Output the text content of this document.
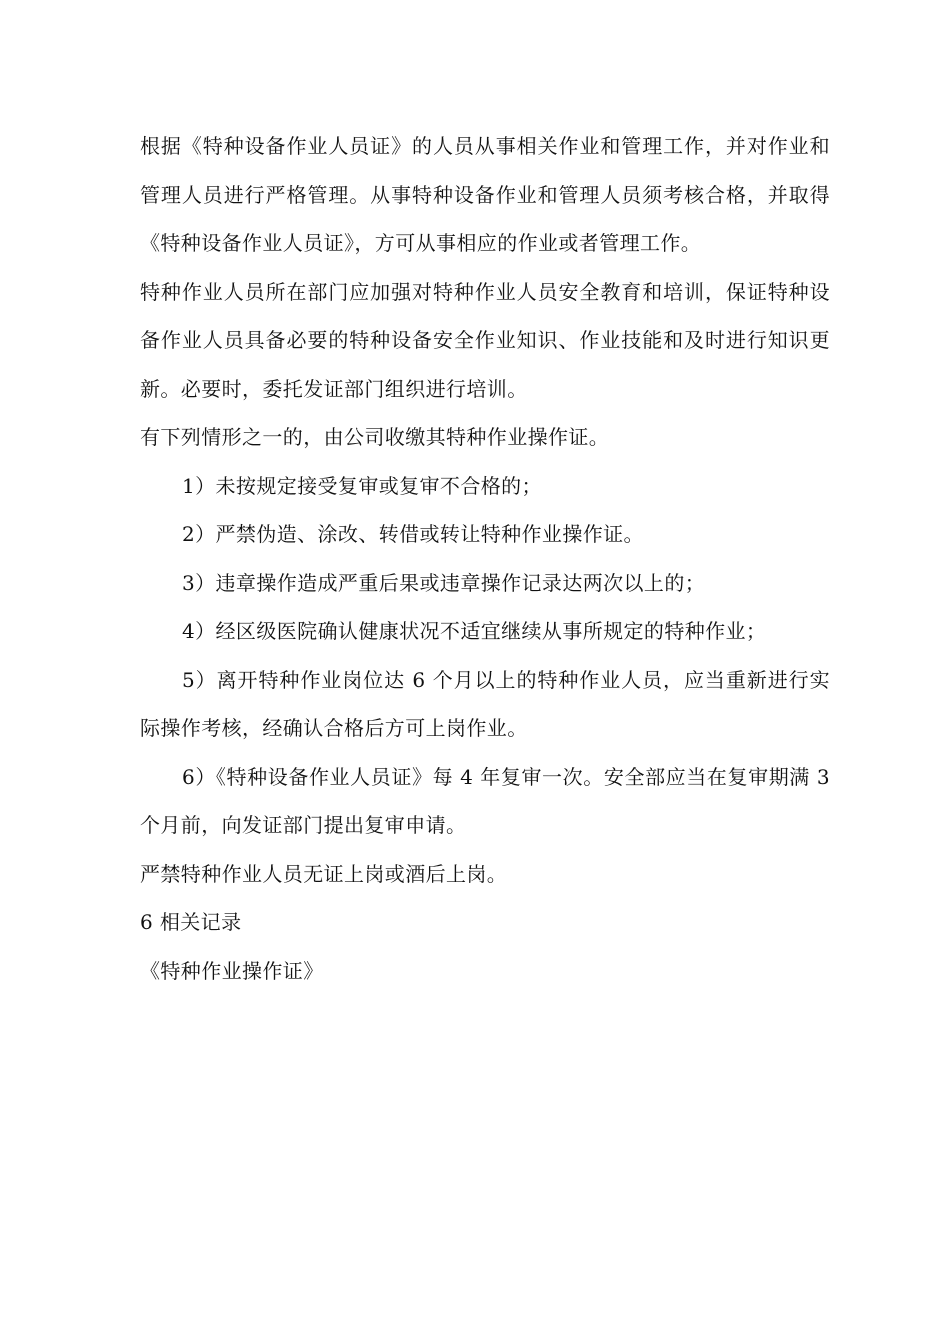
根据《特种设备作业人员证》的人员从事相关作业和管理工作，并对作业和管理人员进行严格管理。从事特种设备作业和管理人员须考核合格，并取得《特种设备作业人员证》，方可从事相应的作业或者管理工作。

特种作业人员所在部门应加强对特种作业人员安全教育和培训，保证特种设备作业人员具备必要的特种设备安全作业知识、作业技能和及时进行知识更新。必要时，委托发证部门组织进行培训。

有下列情形之一的，由公司收缴其特种作业操作证。

1）未按规定接受复审或复审不合格的；

2）严禁伪造、涂改、转借或转让特种作业操作证。

3）违章操作造成严重后果或违章操作记录达两次以上的；

4）经区级医院确认健康状况不适宜继续从事所规定的特种作业；

5）离开特种作业岗位达 6 个月以上的特种作业人员，应当重新进行实际操作考核，经确认合格后方可上岗作业。

6）《特种设备作业人员证》每 4 年复审一次。安全部应当在复审期满 3 个月前，向发证部门提出复审申请。

严禁特种作业人员无证上岗或酒后上岗。

6 相关记录

《特种作业操作证》
